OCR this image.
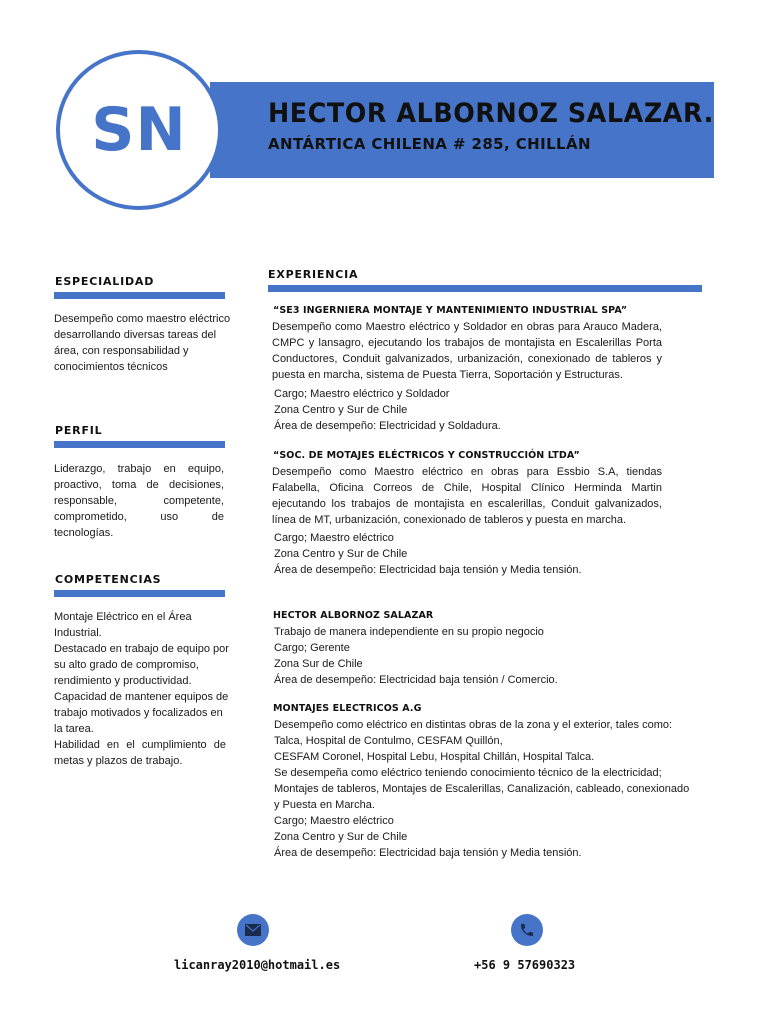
SN	HECTOR ALBORNOZ SALAZAR.
ANTÁRTICA CHILENA # 285, CHILLÁN
ESPECIALIDAD
Desempeño como maestro eléctrico
desarrollando diversas tareas del
área, con responsabilidad y
conocimientos técnicos
PERFIL
Liderazgo, trabajo en equipo, proactivo, toma de decisiones, responsable, competente, comprometido, uso de tecnologías.
COMPETENCIAS
Montaje Eléctrico en el Área
Industrial.
Destacado en trabajo de equipo por
su alto grado de compromiso,
rendimiento y productividad.
Capacidad de mantener equipos de
trabajo motivados y focalizados en
la tarea.
Habilidad en el cumplimiento de metas y plazos de trabajo.
EXPERIENCIA
“SE3 INGERNIERA MONTAJE Y MANTENIMIENTO INDUSTRIAL SPA”
Desempeño como Maestro eléctrico y Soldador en obras para Arauco Madera, CMPC y lansagro, ejecutando los trabajos de montajista en Escalerillas Porta Conductores, Conduit galvanizados, urbanización, conexionado de tableros y puesta en marcha, sistema de Puesta Tierra, Soportación y Estructuras.
Cargo; Maestro eléctrico y Soldador
Zona Centro y Sur de Chile
Área de desempeño: Electricidad y Soldadura.
“SOC. DE MOTAJES ELÉCTRICOS Y CONSTRUCCIÓN LTDA”
Desempeño como Maestro eléctrico en obras para Essbio S.A, tiendas Falabella, Oficina Correos de Chile, Hospital Clínico Herminda Martin ejecutando los trabajos de montajista en escalerillas, Conduit galvanizados, línea de MT, urbanización, conexionado de tableros y puesta en marcha.
Cargo; Maestro eléctrico
Zona Centro y Sur de Chile
Área de desempeño: Electricidad baja tensión y Media tensión.
HECTOR ALBORNOZ SALAZAR
Trabajo de manera independiente en su propio negocio
Cargo; Gerente
Zona Sur de Chile
Área de desempeño: Electricidad baja tensión / Comercio.
MONTAJES ELECTRICOS A.G
Desempeño como eléctrico en distintas obras de la zona y el exterior, tales como:
Talca, Hospital de Contulmo, CESFAM Quillón,
CESFAM Coronel, Hospital Lebu, Hospital Chillán, Hospital Talca.
Se desempeña como eléctrico teniendo conocimiento técnico de la electricidad;
Montajes de tableros, Montajes de Escalerillas, Canalización, cableado, conexionado
y Puesta en Marcha.
Cargo; Maestro eléctrico
Zona Centro y Sur de Chile
Área de desempeño: Electricidad baja tensión y Media tensión.
licanray2010@hotmail.es	+56 9 57690323
